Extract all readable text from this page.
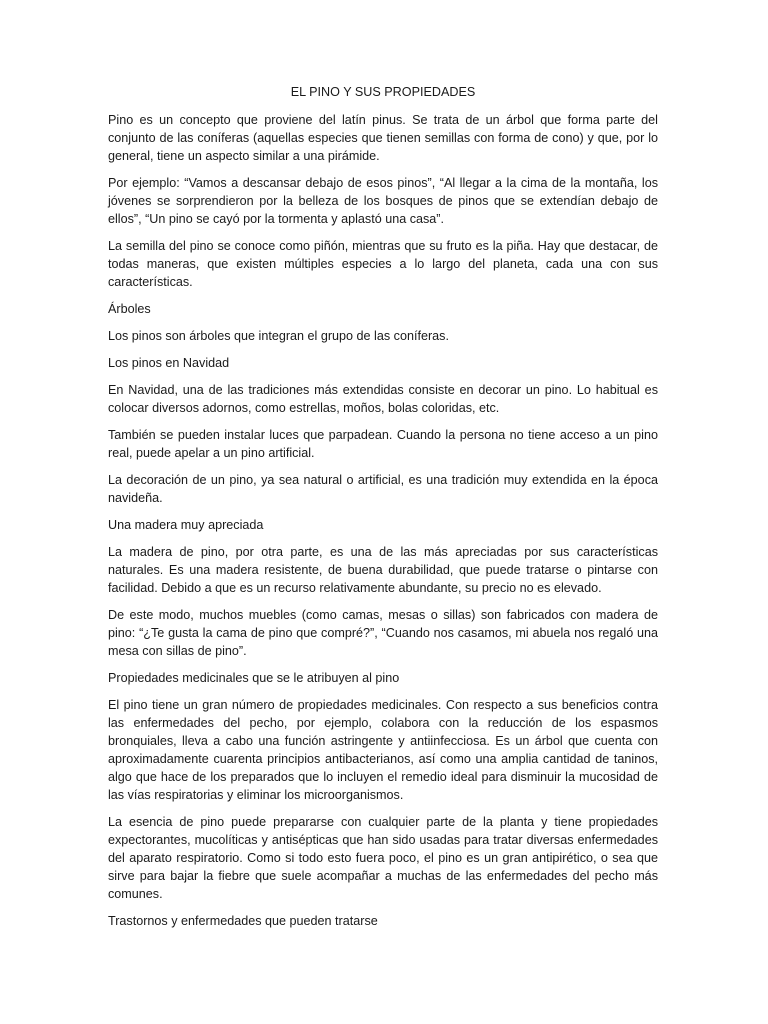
EL PINO Y SUS PROPIEDADES

Pino es un concepto que proviene del latín pinus. Se trata de un árbol que forma parte del conjunto de las coníferas (aquellas especies que tienen semillas con forma de cono) y que, por lo general, tiene un aspecto similar a una pirámide.

Por ejemplo: “Vamos a descansar debajo de esos pinos”, “Al llegar a la cima de la montaña, los jóvenes se sorprendieron por la belleza de los bosques de pinos que se extendían debajo de ellos”, “Un pino se cayó por la tormenta y aplastó una casa”.

La semilla del pino se conoce como piñón, mientras que su fruto es la piña. Hay que destacar, de todas maneras, que existen múltiples especies a lo largo del planeta, cada una con sus características.

Árboles

Los pinos son árboles que integran el grupo de las coníferas.

Los pinos en Navidad

En Navidad, una de las tradiciones más extendidas consiste en decorar un pino. Lo habitual es colocar diversos adornos, como estrellas, moños, bolas coloridas, etc.

También se pueden instalar luces que parpadean. Cuando la persona no tiene acceso a un pino real, puede apelar a un pino artificial.

La decoración de un pino, ya sea natural o artificial, es una tradición muy extendida en la época navideña.

Una madera muy apreciada

La madera de pino, por otra parte, es una de las más apreciadas por sus características naturales. Es una madera resistente, de buena durabilidad, que puede tratarse o pintarse con facilidad. Debido a que es un recurso relativamente abundante, su precio no es elevado.

De este modo, muchos muebles (como camas, mesas o sillas) son fabricados con madera de pino: “¿Te gusta la cama de pino que compré?”, “Cuando nos casamos, mi abuela nos regaló una mesa con sillas de pino”.

Propiedades medicinales que se le atribuyen al pino

El pino tiene un gran número de propiedades medicinales. Con respecto a sus beneficios contra las enfermedades del pecho, por ejemplo, colabora con la reducción de los espasmos bronquiales, lleva a cabo una función astringente y antiinfecciosa. Es un árbol que cuenta con aproximadamente cuarenta principios antibacterianos, así como una amplia cantidad de taninos, algo que hace de los preparados que lo incluyen el remedio ideal para disminuir la mucosidad de las vías respiratorias y eliminar los microorganismos.

La esencia de pino puede prepararse con cualquier parte de la planta y tiene propiedades expectorantes, mucolíticas y antisépticas que han sido usadas para tratar diversas enfermedades del aparato respiratorio. Como si todo esto fuera poco, el pino es un gran antipirético, o sea que sirve para bajar la fiebre que suele acompañar a muchas de las enfermedades del pecho más comunes.

Trastornos y enfermedades que pueden tratarse
